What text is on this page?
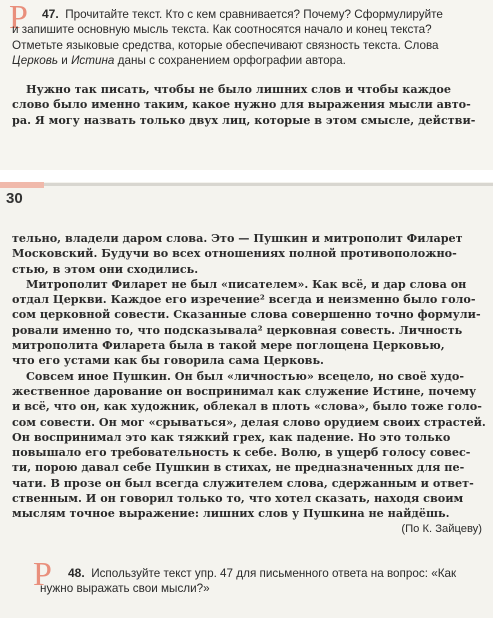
Р 47. Прочитайте текст. Кто с кем сравнивается? Почему? Сформулируйте
и запишите основную мысль текста. Как соотносятся начало и конец текста?
Отметьте языковые средства, которые обеспечивают связность текста. Слова
Церковь и Истина даны с сохранением орфографии автора.
Нужно так писать, чтобы не было лишних слов и чтобы каждое
слово было именно таким, какое нужно для выражения мысли авто-
ра. Я могу назвать только двух лиц, которые в этом смысле, действи-
30
тельно, владели даром слова. Это — Пушкин и митрополит Филарет
Московский. Будучи во всех отношениях полной противоположно-
стью, в этом они сходились.
Митрополит Филарет не был «писателем». Как всё, и дар слова он
отдал Церкви. Каждое его изречение² всегда и неизменно было голо-
сом церковной совести. Сказанные слова совершенно точно формули-
ровали именно то, что подсказывала² церковная совесть. Личность
митрополита Филарета была в такой мере поглощена Церковью,
что его устами как бы говорила сама Церковь.
Совсем иное Пушкин. Он был «личностью» всецело, но своё худо-
жественное дарование он воспринимал как служение Истине, почему
и всё, что он, как художник, облекал в плоть «слова», было тоже голо-
сом совести. Он мог «срываться», делая слово орудием своих страстей.
Он воспринимал это как тяжкий грех, как падение. Но это только
повышало его требовательность к себе. Волю, в ущерб голосу совес-
ти, порою давал себе Пушкин в стихах, не предназначенных для пе-
чати. В прозе он был всегда служителем слова, сдержанным и ответ-
ственным. И он говорил только то, что хотел сказать, находя своим
мыслям точное выражение: лишних слов у Пушкина не найдёшь.
(По К. Зайцеву)
Р 48. Используйте текст упр. 47 для письменного ответа на вопрос: «Как
нужно выражать свои мысли?»
